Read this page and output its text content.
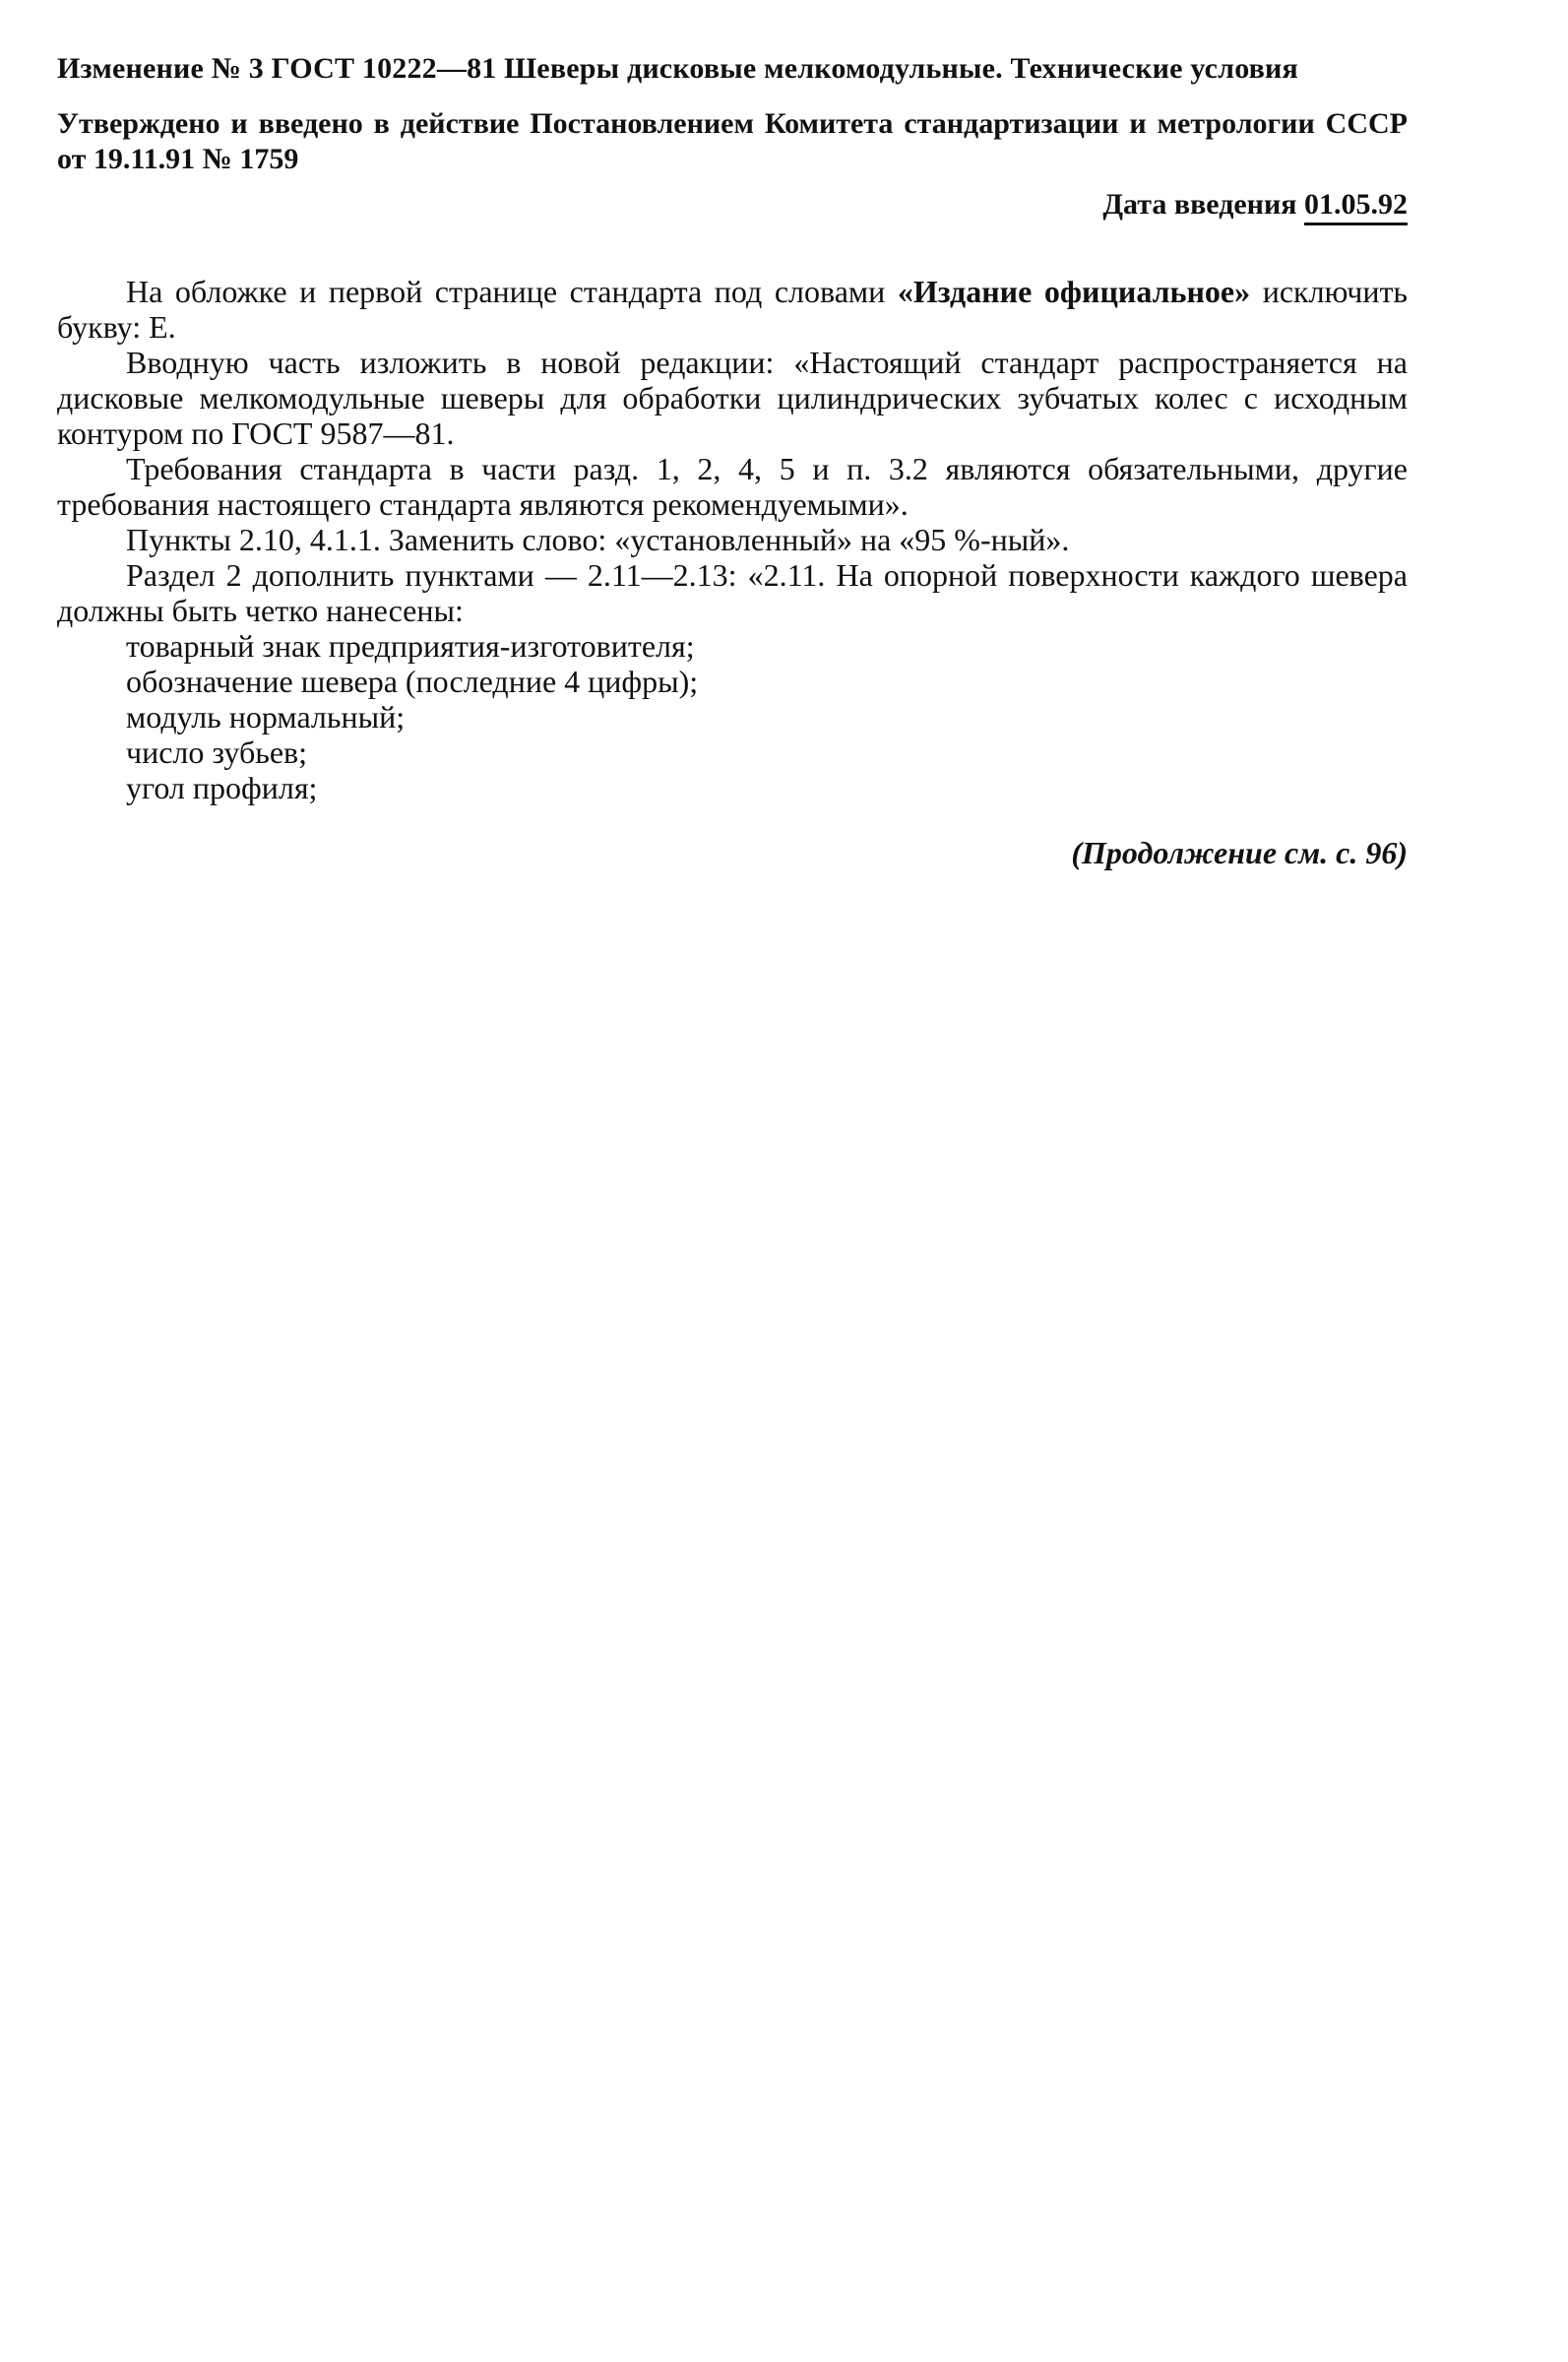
Изменение № 3 ГОСТ 10222—81 Шеверы дисковые мелкомодульные. Технические условия

Утверждено и введено в действие Постановлением Комитета стандартизации и метрологии СССР от 19.11.91 № 1759

Дата введения 01.05.92

На обложке и первой странице стандарта под словами «Издание официальное» исключить букву: Е.

Вводную часть изложить в новой редакции: «Настоящий стандарт распространяется на дисковые мелкомодульные шеверы для обработки цилиндрических зубчатых колес с исходным контуром по ГОСТ 9587—81.

Требования стандарта в части разд. 1, 2, 4, 5 и п. 3.2 являются обязательными, другие требования настоящего стандарта являются рекомендуемыми».

Пункты 2.10, 4.1.1. Заменить слово: «установленный» на «95 %-ный».

Раздел 2 дополнить пунктами — 2.11—2.13: «2.11. На опорной поверхности каждого шевера должны быть четко нанесены:

товарный знак предприятия-изготовителя;

обозначение шевера (последние 4 цифры);

модуль нормальный;

число зубьев;

угол профиля;

(Продолжение см. с. 96)
